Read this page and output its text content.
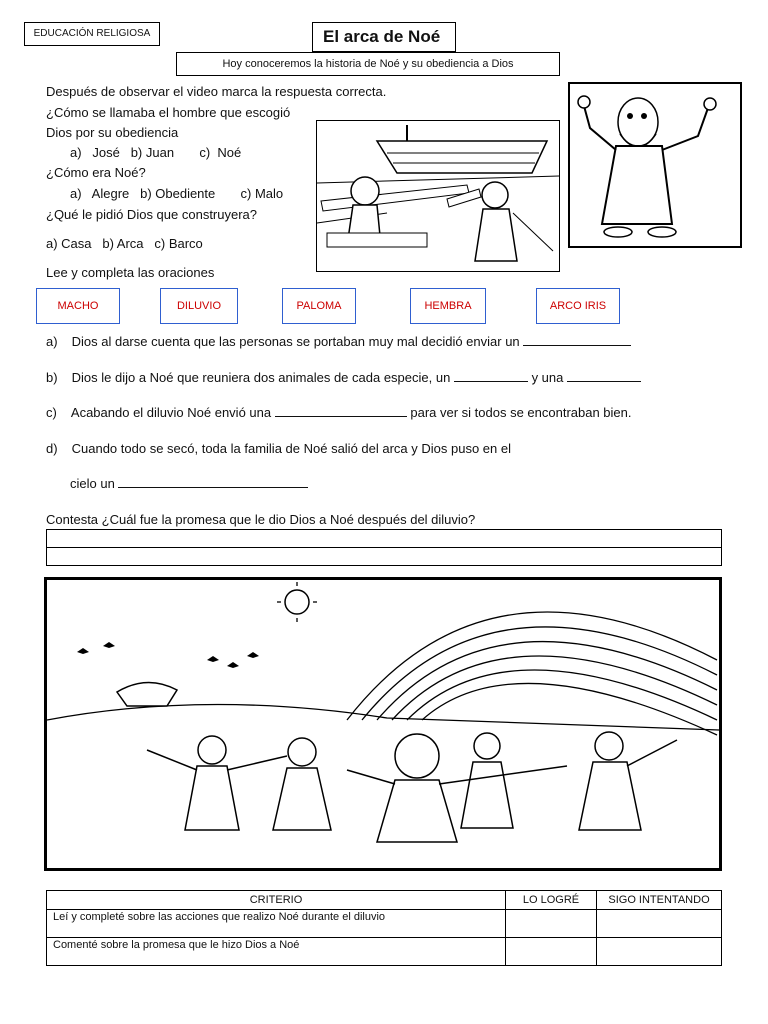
EDUCACIÓN RELIGIOSA	El arca de Noé
Hoy conoceremos la historia de Noé y su obediencia a Dios
Después de observar el video marca la respuesta correcta.
¿Cómo se llamaba el hombre que escogió
Dios por su obediencia
a)   José   b) Juan       c)  Noé
¿Cómo era Noé?
a)   Alegre   b) Obediente       c) Malo
¿Qué le pidió Dios que construyera?
a) Casa   b) Arca   c) Barco
Lee y completa las oraciones
MACHO	DILUVIO	PALOMA	HEMBRA	ARCO IRIS
a) Dios al darse cuenta que las personas se portaban muy mal decidió enviar un
b) Dios le dijo a Noé que reuniera dos animales de cada especie, un	y una
c) Acabando el diluvio Noé envió una	para ver si todos se encontraban bien.
d) Cuando todo se secó, toda la familia de Noé salió del arca y Dios puso en el
cielo un
Contesta ¿Cuál fue la promesa que le dio Dios a Noé después del diluvio?
CRITERIO	LO LOGRÉ	SIGO INTENTANDO
Leí y completé sobre las acciones que realizo Noé durante el diluvio		
Comenté sobre la promesa que le hizo Dios a Noé		
